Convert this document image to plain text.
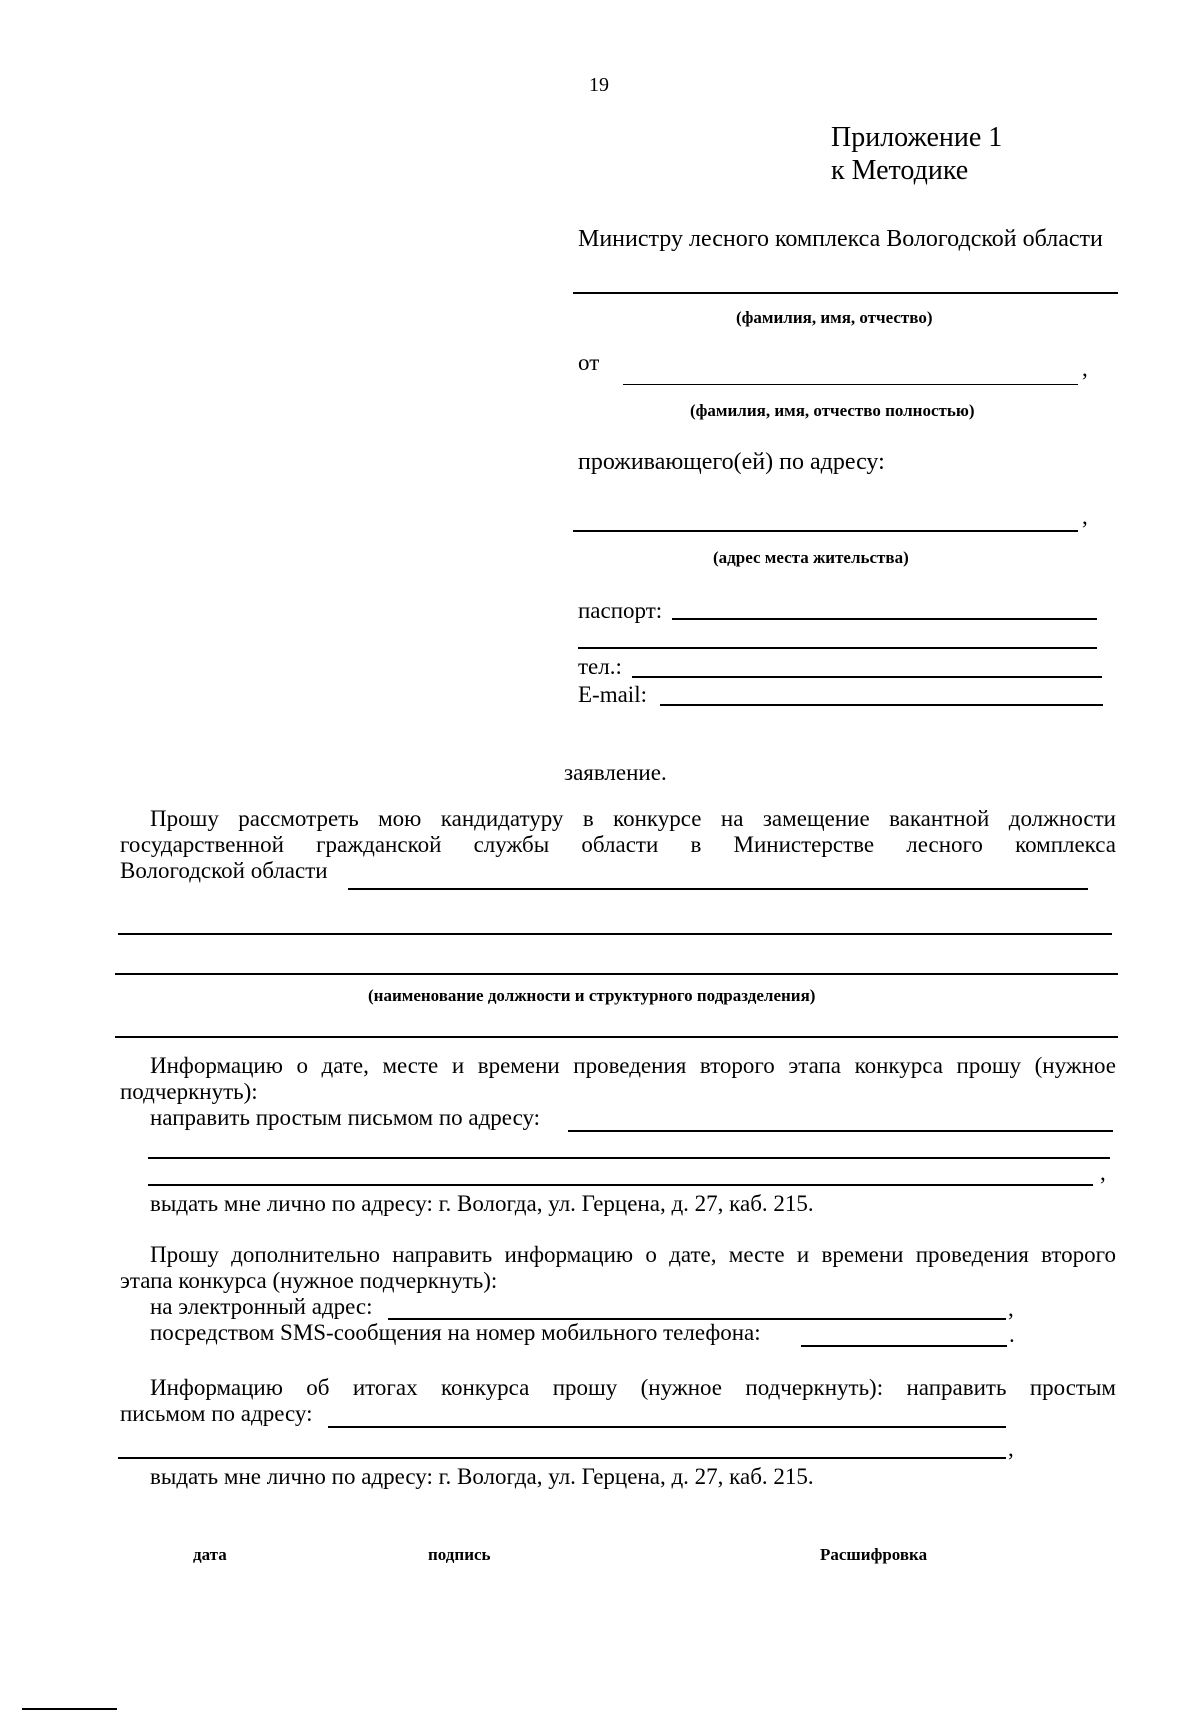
19
Приложение 1
к Методике
Министру лесного комплекса Вологодской области
(фамилия, имя, отчество)
от	,
(фамилия, имя, отчество полностью)
проживающего(ей) по адресу:
,
(адрес места жительства)
паспорт:
тел.:
E-mail:
заявление.
Прошу рассмотреть мою кандидатуру в конкурсе на замещение вакантной должности
государственной гражданской службы области в Министерстве лесного комплекса
Вологодской области
(наименование должности и структурного подразделения)
Информацию о дате, месте и времени проведения второго этапа конкурса прошу (нужное
подчеркнуть):
направить простым письмом по адресу:
,
выдать мне лично по адресу: г. Вологда, ул. Герцена, д. 27, каб. 215.
Прошу дополнительно направить информацию о дате, месте и времени проведения второго
этапа конкурса (нужное подчеркнуть):
на электронный адрес:	,
посредством SMS-сообщения на номер мобильного телефона:	.
Информацию об итогах конкурса прошу (нужное подчеркнуть): направить простым
письмом по адресу:
,
выдать мне лично по адресу: г. Вологда, ул. Герцена, д. 27, каб. 215.
дата	подпись	Расшифровка
